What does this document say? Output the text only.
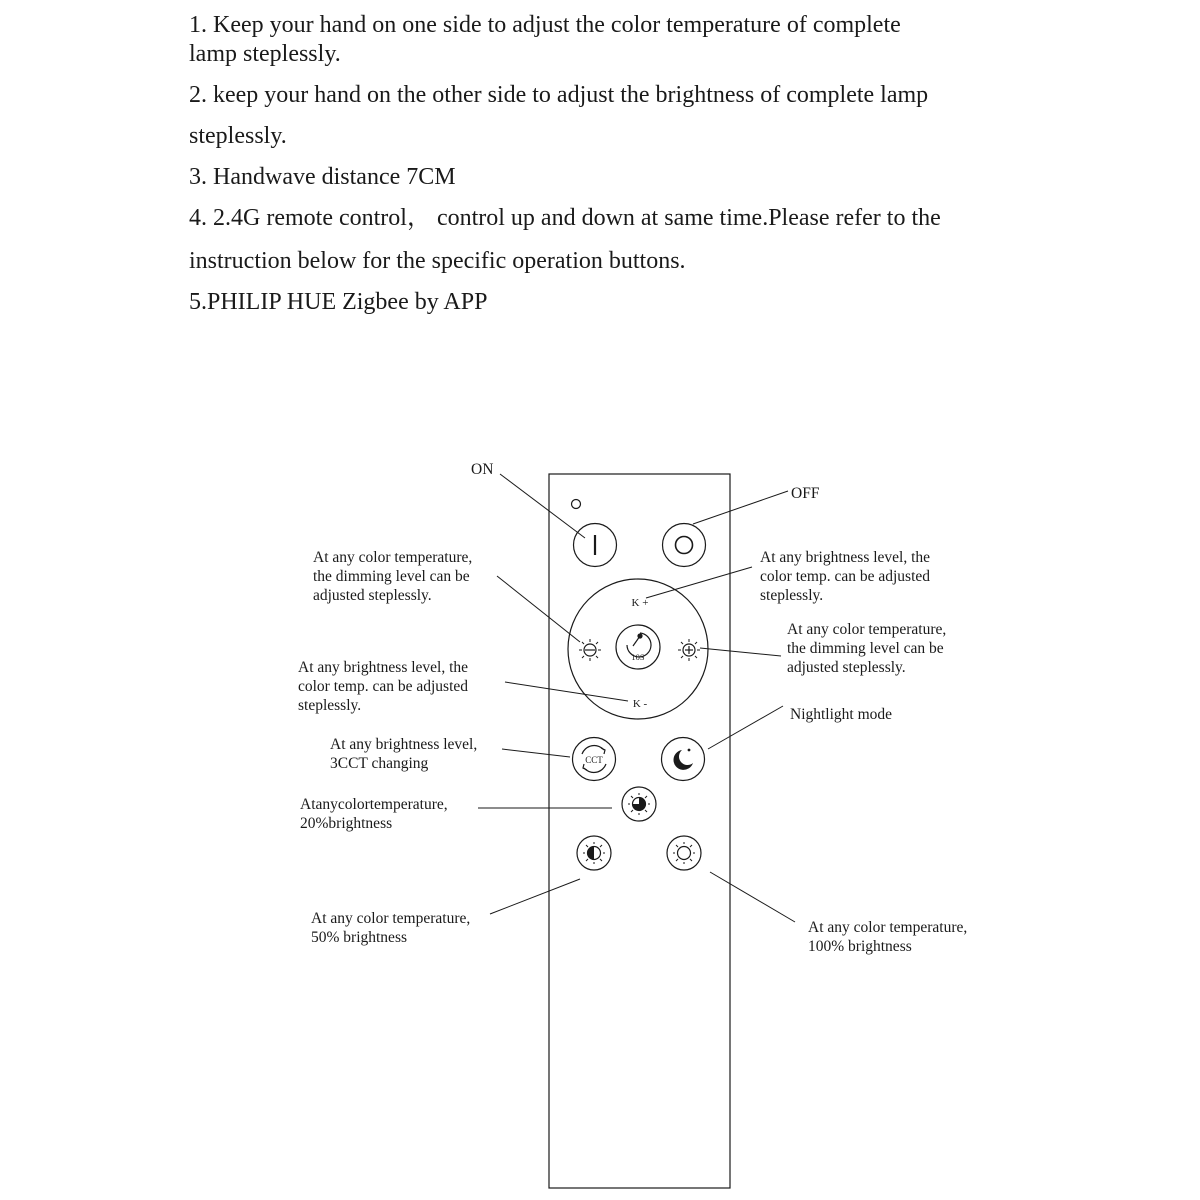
1. Keep your hand on one side to adjust the color temperature of complete
lamp steplessly.
2. keep your hand on the other side to adjust the brightness of complete lamp
steplessly.
3. Handwave distance 7CM
4. 2.4G remote control， control up and down at same time.Please refer to the
instruction below for the specific operation buttons.
5.PHILIP HUE Zigbee by APP
K +
K -
10S
CCT
ON
OFF
At any color temperature, the dimming level can be adjusted steplessly.
At any brightness level, the color temp. can be adjusted steplessly.
At any color temperature, the dimming level can be adjusted steplessly.
At any brightness level, the color temp. can be adjusted steplessly.
Nightlight mode
At any brightness level, 3CCT changing
Atanycolortemperature, 20%brightness
At any color temperature, 50% brightness
At any color temperature, 100% brightness
